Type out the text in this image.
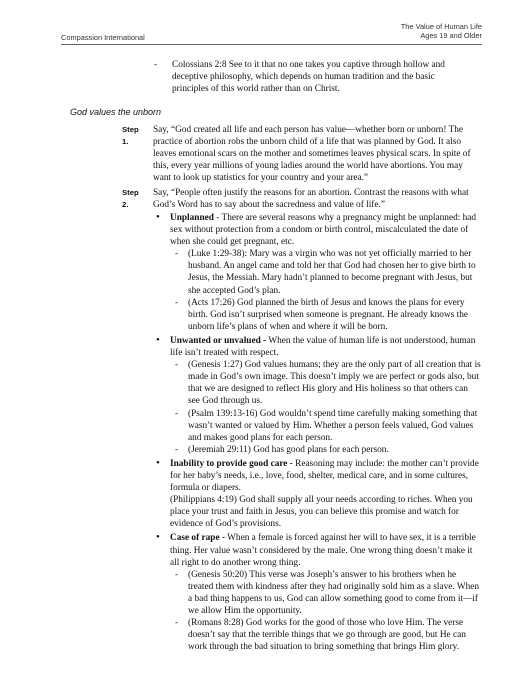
Compassion International
The Value of Human Life
Ages 19 and Older
- Colossians 2:8 See to it that no one takes you captive through hollow and deceptive philosophy, which depends on human tradition and the basic principles of this world rather than on Christ.
God values the unborn
Step 1.
Say, “God created all life and each person has value—whether born or unborn! The practice of abortion robs the unborn child of a life that was planned by God. It also leaves emotional scars on the mother and sometimes leaves physical scars. In spite of this, every year millions of young ladies around the world have abortions. You may want to look up statistics for your country and your area.”
Step 2.
Say, “People often justify the reasons for an abortion. Contrast the reasons with what God’s Word has to say about the sacredness and value of life.”
• Unplanned - There are several reasons why a pregnancy might be unplanned: had sex without protection from a condom or birth control, miscalculated the date of when she could get pregnant, etc.
- (Luke 1:29-38): Mary was a virgin who was not yet officially married to her husband. An angel came and told her that God had chosen her to give birth to Jesus, the Messiah. Mary hadn’t planned to become pregnant with Jesus, but she accepted God’s plan.
- (Acts 17:26) God planned the birth of Jesus and knows the plans for every birth. God isn’t surprised when someone is pregnant. He already knows the unborn life’s plans of when and where it will be born.
• Unwanted or unvalued - When the value of human life is not understood, human life isn’t treated with respect.
- (Genesis 1:27) God values humans; they are the only part of all creation that is made in God’s own image. This doesn’t imply we are perfect or gods also, but that we are designed to reflect His glory and His holiness so that others can see God through us.
- (Psalm 139:13-16) God wouldn’t spend time carefully making something that wasn’t wanted or valued by Him. Whether a person feels valued, God values and makes good plans for each person.
- (Jeremiah 29:11) God has good plans for each person.
• Inability to provide good care - Reasoning may include: the mother can’t provide for her baby’s needs, i.e., love, food, shelter, medical care, and in some cultures, formula or diapers.
(Philippians 4:19) God shall supply all your needs according to riches. When you place your trust and faith in Jesus, you can believe this promise and watch for evidence of God’s provisions.
• Case of rape - When a female is forced against her will to have sex, it is a terrible thing. Her value wasn’t considered by the male. One wrong thing doesn’t make it all right to do another wrong thing.
- (Genesis 50:20) This verse was Joseph’s answer to his brothers when he treated them with kindness after they had originally sold him as a slave. When a bad thing happens to us, God can allow something good to come from it—if we allow Him the opportunity.
- (Romans 8:28) God works for the good of those who love Him. The verse doesn’t say that the terrible things that we go through are good, but He can work through the bad situation to bring something that brings Him glory.
